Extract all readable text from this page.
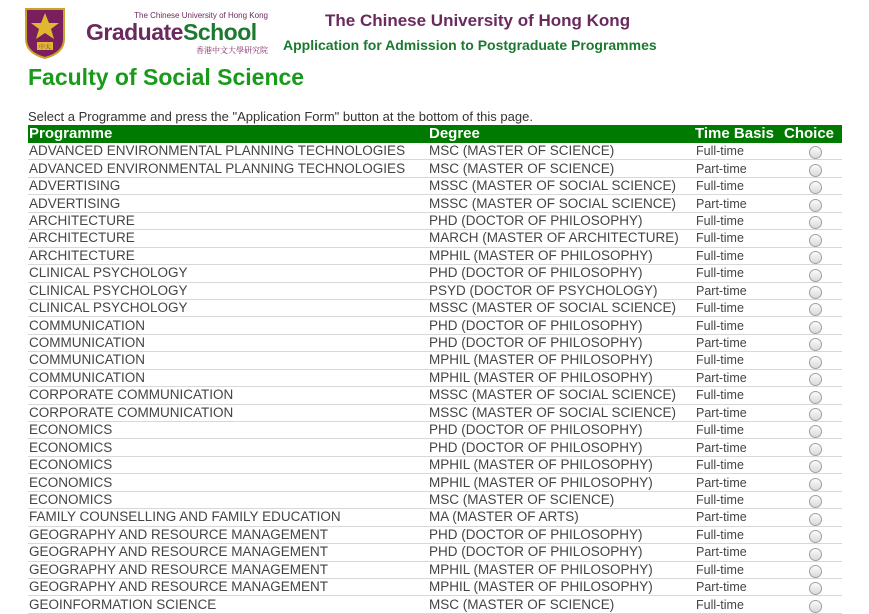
中大
The Chinese University of Hong Kong
GraduateSchool
香港中文大學研究院
The Chinese University of Hong Kong
Application for Admission to Postgraduate Programmes
Faculty of Social Science
Select a Programme and press the "Application Form" button at the bottom of this page.
Programme	Degree	Time Basis	Choice
ADVANCED ENVIRONMENTAL PLANNING TECHNOLOGIES	MSC (MASTER OF SCIENCE)	Full-time	
ADVANCED ENVIRONMENTAL PLANNING TECHNOLOGIES	MSC (MASTER OF SCIENCE)	Part-time	
ADVERTISING	MSSC (MASTER OF SOCIAL SCIENCE)	Full-time	
ADVERTISING	MSSC (MASTER OF SOCIAL SCIENCE)	Part-time	
ARCHITECTURE	PHD (DOCTOR OF PHILOSOPHY)	Full-time	
ARCHITECTURE	MARCH (MASTER OF ARCHITECTURE)	Full-time	
ARCHITECTURE	MPHIL (MASTER OF PHILOSOPHY)	Full-time	
CLINICAL PSYCHOLOGY	PHD (DOCTOR OF PHILOSOPHY)	Full-time	
CLINICAL PSYCHOLOGY	PSYD (DOCTOR OF PSYCHOLOGY)	Part-time	
CLINICAL PSYCHOLOGY	MSSC (MASTER OF SOCIAL SCIENCE)	Full-time	
COMMUNICATION	PHD (DOCTOR OF PHILOSOPHY)	Full-time	
COMMUNICATION	PHD (DOCTOR OF PHILOSOPHY)	Part-time	
COMMUNICATION	MPHIL (MASTER OF PHILOSOPHY)	Full-time	
COMMUNICATION	MPHIL (MASTER OF PHILOSOPHY)	Part-time	
CORPORATE COMMUNICATION	MSSC (MASTER OF SOCIAL SCIENCE)	Full-time	
CORPORATE COMMUNICATION	MSSC (MASTER OF SOCIAL SCIENCE)	Part-time	
ECONOMICS	PHD (DOCTOR OF PHILOSOPHY)	Full-time	
ECONOMICS	PHD (DOCTOR OF PHILOSOPHY)	Part-time	
ECONOMICS	MPHIL (MASTER OF PHILOSOPHY)	Full-time	
ECONOMICS	MPHIL (MASTER OF PHILOSOPHY)	Part-time	
ECONOMICS	MSC (MASTER OF SCIENCE)	Full-time	
FAMILY COUNSELLING AND FAMILY EDUCATION	MA (MASTER OF ARTS)	Part-time	
GEOGRAPHY AND RESOURCE MANAGEMENT	PHD (DOCTOR OF PHILOSOPHY)	Full-time	
GEOGRAPHY AND RESOURCE MANAGEMENT	PHD (DOCTOR OF PHILOSOPHY)	Part-time	
GEOGRAPHY AND RESOURCE MANAGEMENT	MPHIL (MASTER OF PHILOSOPHY)	Full-time	
GEOGRAPHY AND RESOURCE MANAGEMENT	MPHIL (MASTER OF PHILOSOPHY)	Part-time	
GEOINFORMATION SCIENCE	MSC (MASTER OF SCIENCE)	Full-time	
